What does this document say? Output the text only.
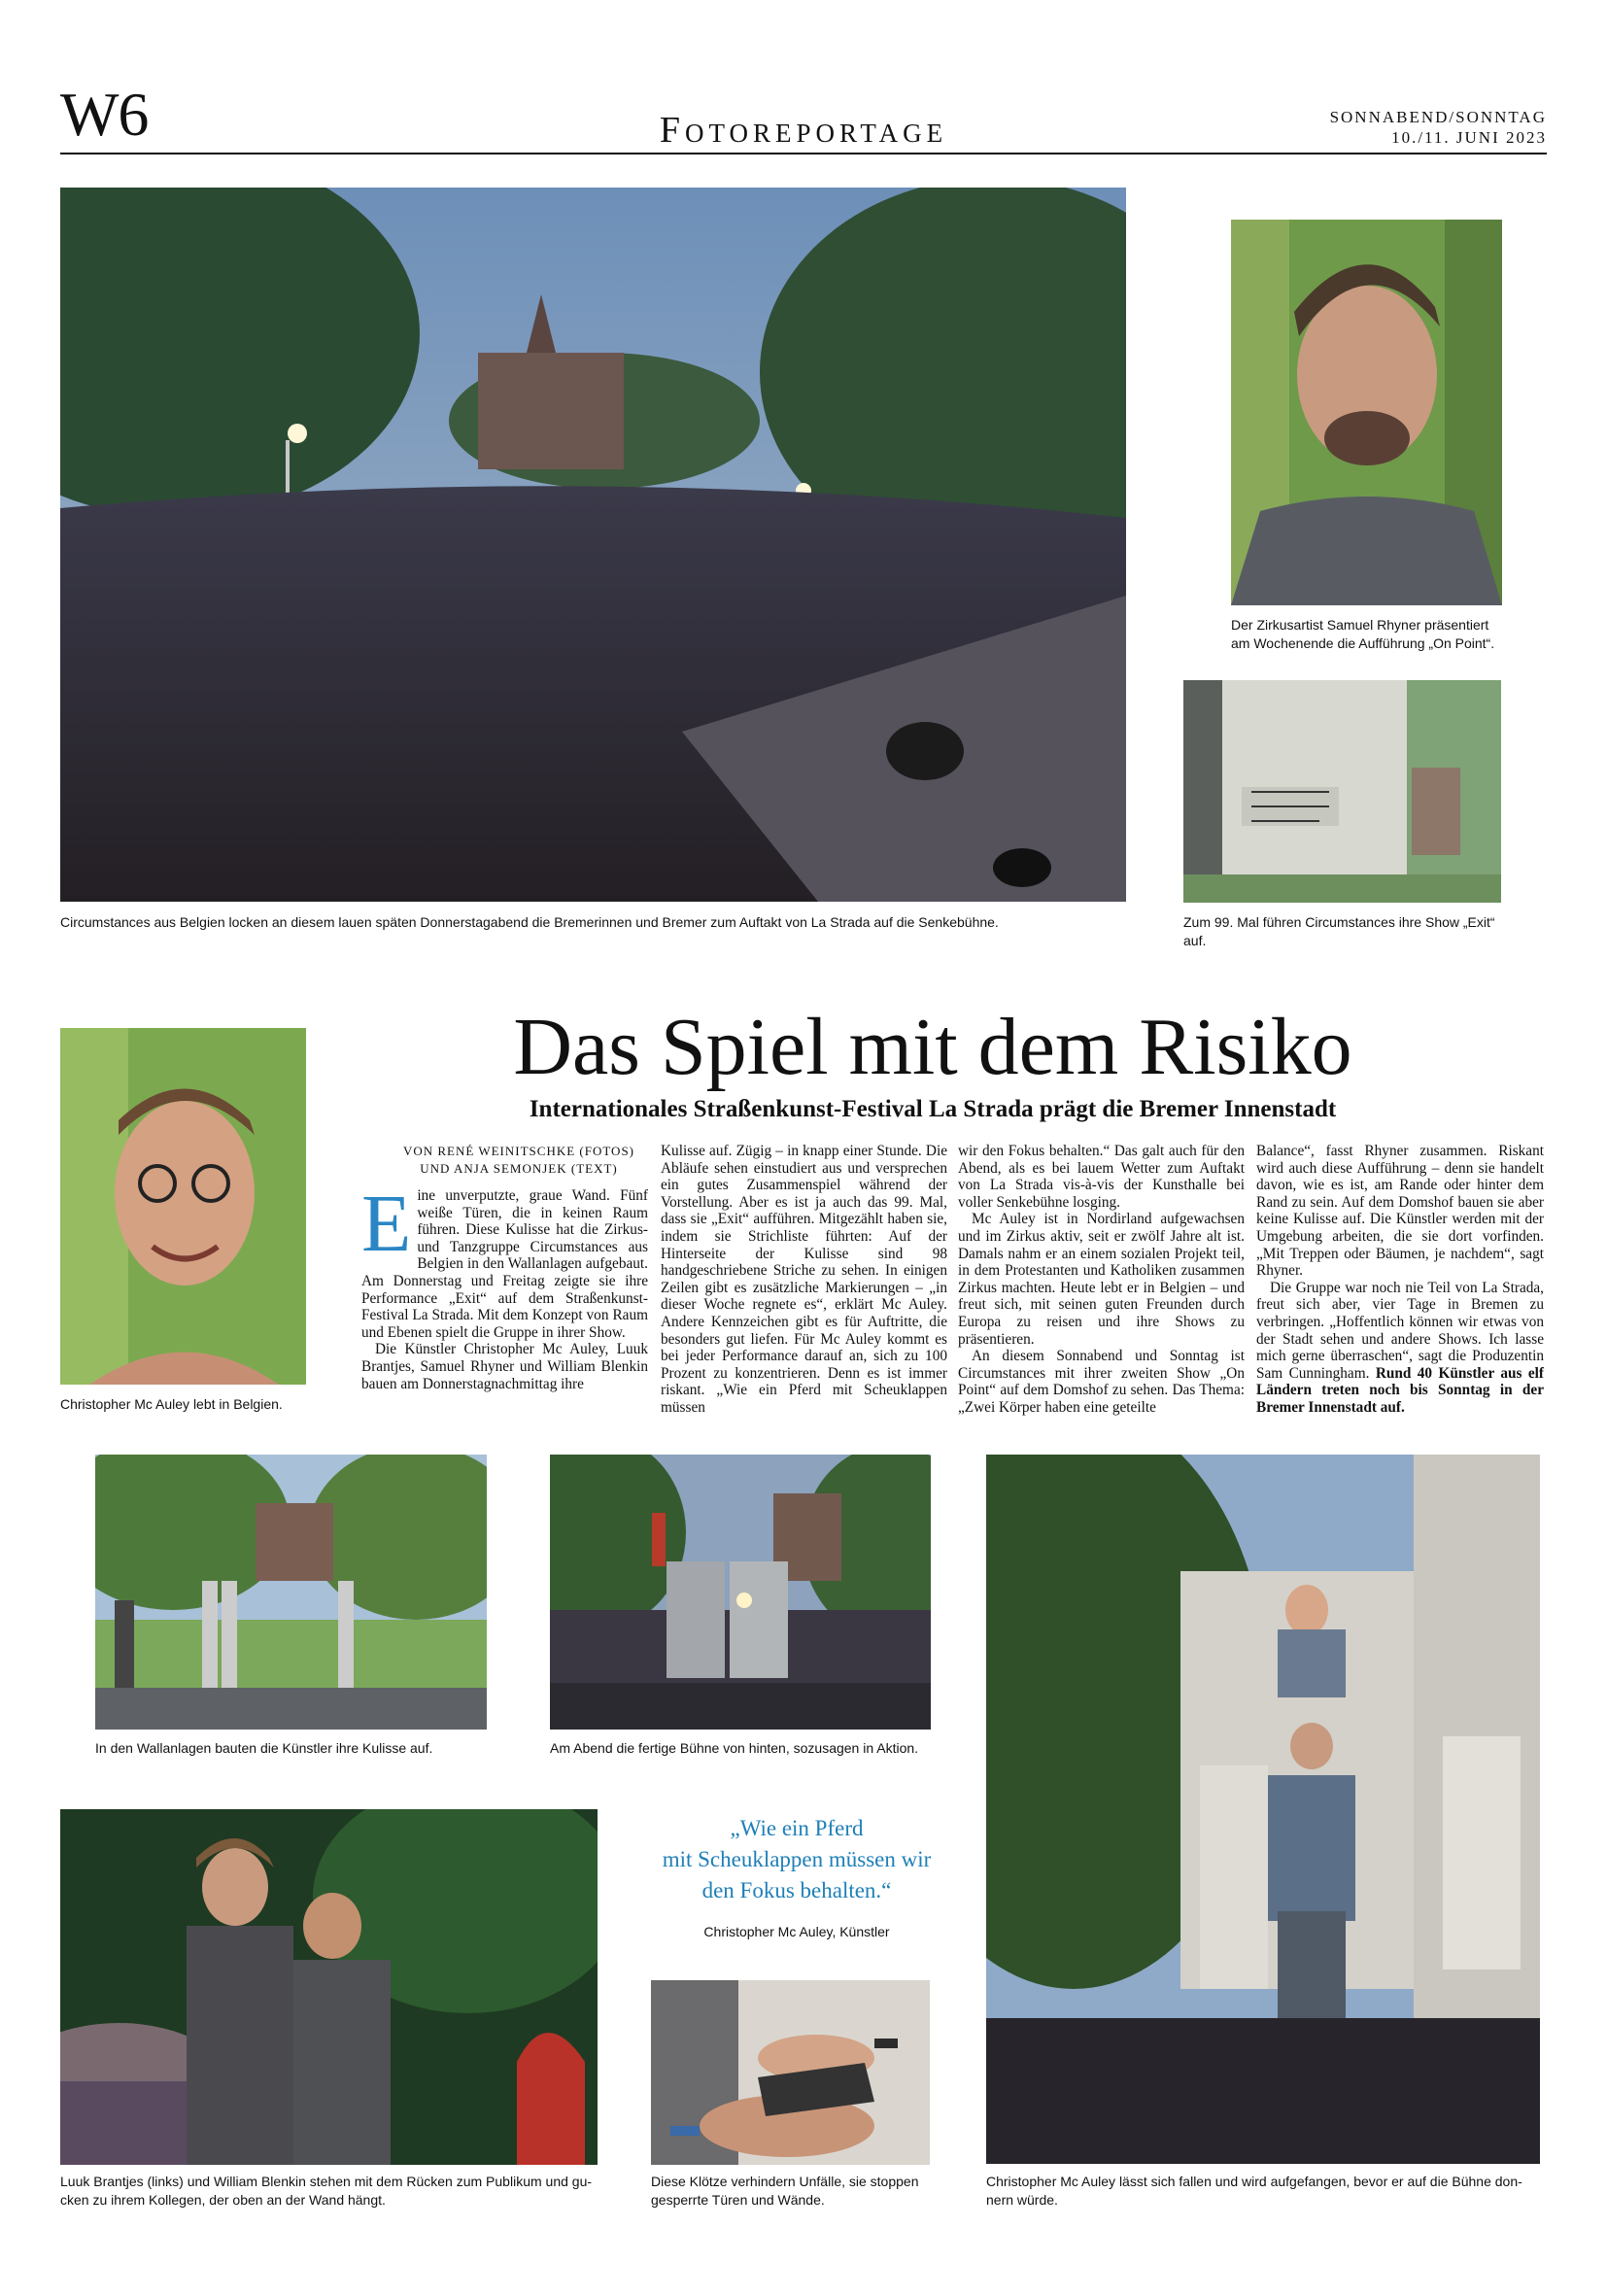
W6	Fotoreportage	SONNABEND/SONNTAG
10./11. JUNI 2023
Circumstances aus Belgien locken an diesem lauen späten Donnerstagabend die Bremerinnen und Bremer zum Auftakt von La Strada auf die Senkebühne.
Der Zirkusartist Samuel Rhyner präsentiert
am Wochenende die Aufführung „On Point“.
Zum 99. Mal führen Circumstances ihre Show „Exit“ auf.
Christopher Mc Auley lebt in Belgien.
Das Spiel mit dem Risiko
Internationales Straßenkunst-Festival La Strada prägt die Bremer Innenstadt
VON RENÉ WEINITSCHKE (FOTOS)
UND ANJA SEMONJEK (TEXT)

Eine unverputzte, graue Wand. Fünf weiße Türen, die in keinen Raum führen. Diese Kulisse hat die Zirkus- und Tanzgruppe Circumstances aus Belgien in den Wallanlagen aufgebaut. Am Donnerstag und Freitag zeigte sie ihre Performance „Exit“ auf dem Straßenkunst-Festival La Strada. Mit dem Konzept von Raum und Ebenen spielt die Gruppe in ihrer Show.

Die Künstler Christopher Mc Auley, Luuk Brantjes, Samuel Rhyner und William Blenkin bauen am Donnerstagnachmittag ihre

Kulisse auf. Zügig – in knapp einer Stunde. Die Abläufe sehen einstudiert aus und versprechen ein gutes Zusammenspiel während der Vorstellung. Aber es ist ja auch das 99. Mal, dass sie „Exit“ aufführen. Mitgezählt haben sie, indem sie Strichliste führten: Auf der Hinterseite der Kulisse sind 98 handgeschriebene Striche zu sehen. In einigen Zeilen gibt es zusätzliche Markierungen – „in dieser Woche regnete es“, erklärt Mc Auley. Andere Kennzeichen gibt es für Auftritte, die besonders gut liefen. Für Mc Auley kommt es bei jeder Performance darauf an, sich zu 100 Prozent zu konzentrieren. Denn es ist immer riskant. „Wie ein Pferd mit Scheuklappen müssen

wir den Fokus behalten.“ Das galt auch für den Abend, als es bei lauem Wetter zum Auftakt von La Strada vis-à-vis der Kunsthalle bei voller Senkebühne losging.

Mc Auley ist in Nordirland aufgewachsen und im Zirkus aktiv, seit er zwölf Jahre alt ist. Damals nahm er an einem sozialen Projekt teil, in dem Protestanten und Katholiken zusammen Zirkus machten. Heute lebt er in Belgien – und freut sich, mit seinen guten Freunden durch Europa zu reisen und ihre Shows zu präsentieren.

An diesem Sonnabend und Sonntag ist Circumstances mit ihrer zweiten Show „On Point“ auf dem Domshof zu sehen. Das Thema: „Zwei Körper haben eine geteilte

Balance“, fasst Rhyner zusammen. Riskant wird auch diese Aufführung – denn sie handelt davon, wie es ist, am Rande oder hinter dem Rand zu sein. Auf dem Domshof bauen sie aber keine Kulisse auf. Die Künstler werden mit der Umgebung arbeiten, die sie dort vorfinden. „Mit Treppen oder Bäumen, je nachdem“, sagt Rhyner.

Die Gruppe war noch nie Teil von La Strada, freut sich aber, vier Tage in Bremen zu verbringen. „Hoffentlich können wir etwas von der Stadt sehen und andere Shows. Ich lasse mich gerne überraschen“, sagt die Produzentin Sam Cunningham. Rund 40 Künstler aus elf Ländern treten noch bis Sonntag in der Bremer Innenstadt auf.

In den Wallanlagen bauten die Künstler ihre Kulisse auf.	Am Abend die fertige Bühne von hinten, sozusagen in Aktion.
Christopher Mc Auley lässt sich fallen und wird aufgefangen, bevor er auf die Bühne don-
nern würde.
Luuk Brantjes (links) und William Blenkin stehen mit dem Rücken zum Publikum und gu-
cken zu ihrem Kollegen, der oben an der Wand hängt.
„Wie ein Pferd
mit Scheuklappen müssen wir
den Fokus behalten.“
Christopher Mc Auley, Künstler
Diese Klötze verhindern Unfälle, sie stoppen
gesperrte Türen und Wände.
